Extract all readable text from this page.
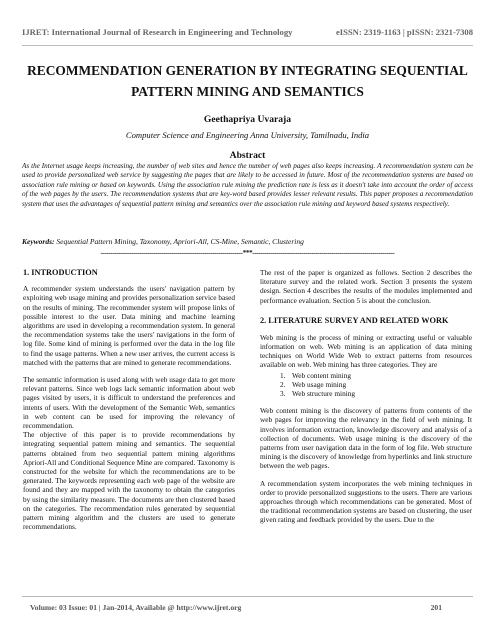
IJRET: International Journal of Research in Engineering and Technology	eISSN: 2319-1163 | pISSN: 2321-7308
RECOMMENDATION GENERATION BY INTEGRATING SEQUENTIAL PATTERN MINING AND SEMANTICS
Geethapriya Uvaraja
Computer Science and Engineering Anna University, Tamilnadu, India
Abstract
As the Internet usage keeps increasing, the number of web sites and hence the number of web pages also keeps increasing. A recommendation system can be used to provide personalized web service by suggesting the pages that are likely to be accessed in future. Most of the recommendation systems are based on association rule mining or based on keywords. Using the association rule mining the prediction rate is less as it doesn't take into account the order of access of the web pages by the users. The recommendation systems that are key-word based provides lesser relevant results. This paper proposes a recommendation system that uses the advantages of sequential pattern mining and semantics over the association rule mining and keyword based systems respectively.
Keywords: Sequential Pattern Mining, Taxonomy, Apriori-All, CS-Mine, Semantic, Clustering
----------------------------------------------------------------------***----------------------------------------------------------------------
1. INTRODUCTION

A recommender system understands the users' navigation pattern by exploiting web usage mining and provides personalization service based on the results of mining. The recommender system will propose links of possible interest to the user. Data mining and machine learning algorithms are used in developing a recommendation system. In general the recommendation systems take the users' navigations in the form of log file. Some kind of mining is performed over the data in the log file to find the usage patterns. When a new user arrives, the current access is matched with the patterns that are mined to generate recommendations.

The semantic information is used along with web usage data to get more relevant patterns. Since web logs lack semantic information about web pages visited by users, it is difficult to understand the preferences and intents of users. With the development of the Semantic Web, semantics in web content can be used for improving the relevancy of recommendation.

The objective of this paper is to provide recommendations by integrating sequential pattern mining and semantics. The sequential patterns obtained from two sequential pattern mining algorithms Apriori-All and Conditional Sequence Mine are compared. Taxonomy is constructed for the website for which the recommendations are to be generated. The keywords representing each web page of the website are found and they are mapped with the taxonomy to obtain the categories by using the similarity measure. The documents are then clustered based on the categories. The recommendation rules generated by sequential pattern mining algorithm and the clusters are used to generate recommendations.

The rest of the paper is organized as follows. Section 2 describes the literature survey and the related work. Section 3 presents the system design. Section 4 describes the results of the modules implemented and performance evaluation. Section 5 is about the conclusion.

2. LITERATURE SURVEY AND RELATED WORK

Web mining is the process of mining or extracting useful or valuable information on web. Web mining is an application of data mining techniques on World Wide Web to extract patterns from resources available on web. Web mining has three categories. They are

1. Web content mining
2. Web usage mining
3. Web structure mining

Web content mining is the discovery of patterns from contents of the web pages for improving the relevancy in the field of web mining. It involves information extraction, knowledge discovery and analysis of a collection of documents. Web usage mining is the discovery of the patterns from user navigation data in the form of log file. Web structure mining is the discovery of knowledge from hyperlinks and link structure between the web pages.

A recommendation system incorporates the web mining techniques in order to provide personalized suggestions to the users. There are various approaches through which recommendations can be generated. Most of the traditional recommendation systems are based on clustering, the user given rating and feedback provided by the users. Due to the

Volume: 03 Issue: 01 | Jan-2014, Available @ http://www.ijret.org	201
